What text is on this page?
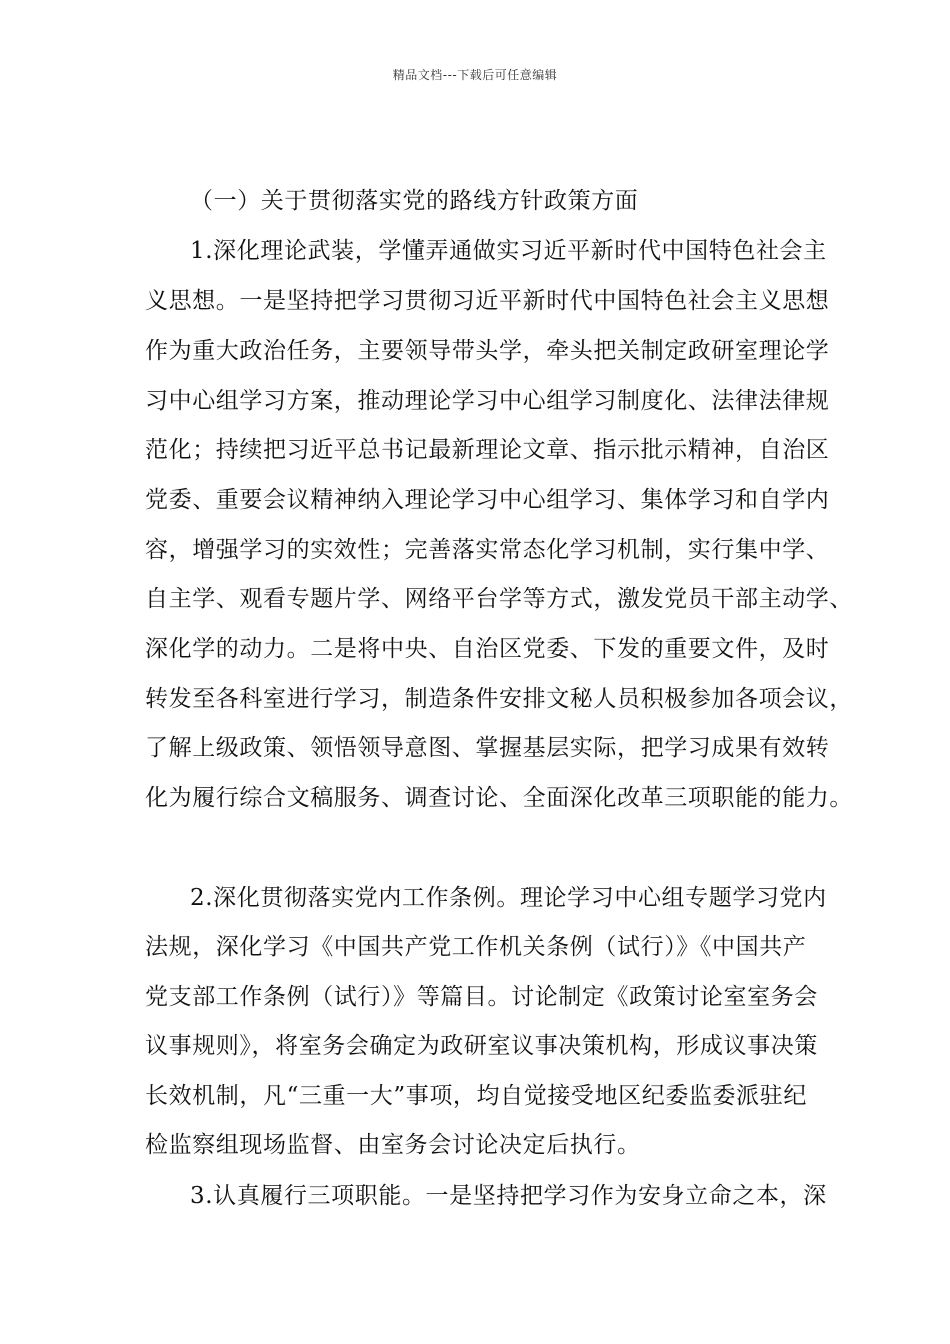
精品文档---下载后可任意编辑
（一）关于贯彻落实党的路线方针政策方面
1.深化理论武装，学懂弄通做实习近平新时代中国特色社会主
义思想。一是坚持把学习贯彻习近平新时代中国特色社会主义思想
作为重大政治任务，主要领导带头学，牵头把关制定政研室理论学
习中心组学习方案，推动理论学习中心组学习制度化、法律法律规
范化；持续把习近平总书记最新理论文章、指示批示精神，自治区
党委、重要会议精神纳入理论学习中心组学习、集体学习和自学内
容，增强学习的实效性；完善落实常态化学习机制，实行集中学、
自主学、观看专题片学、网络平台学等方式，激发党员干部主动学、
深化学的动力。二是将中央、自治区党委、下发的重要文件，及时
转发至各科室进行学习，制造条件安排文秘人员积极参加各项会议，
了解上级政策、领悟领导意图、掌握基层实际，把学习成果有效转
化为履行综合文稿服务、调查讨论、全面深化改革三项职能的能力。
2.深化贯彻落实党内工作条例。理论学习中心组专题学习党内
法规，深化学习《中国共产党工作机关条例（试行）》《中国共产
党支部工作条例（试行）》等篇目。讨论制定《政策讨论室室务会
议事规则》，将室务会确定为政研室议事决策机构，形成议事决策
长效机制，凡“三重一大”事项，均自觉接受地区纪委监委派驻纪
检监察组现场监督、由室务会讨论决定后执行。
3.认真履行三项职能。一是坚持把学习作为安身立命之本，深
